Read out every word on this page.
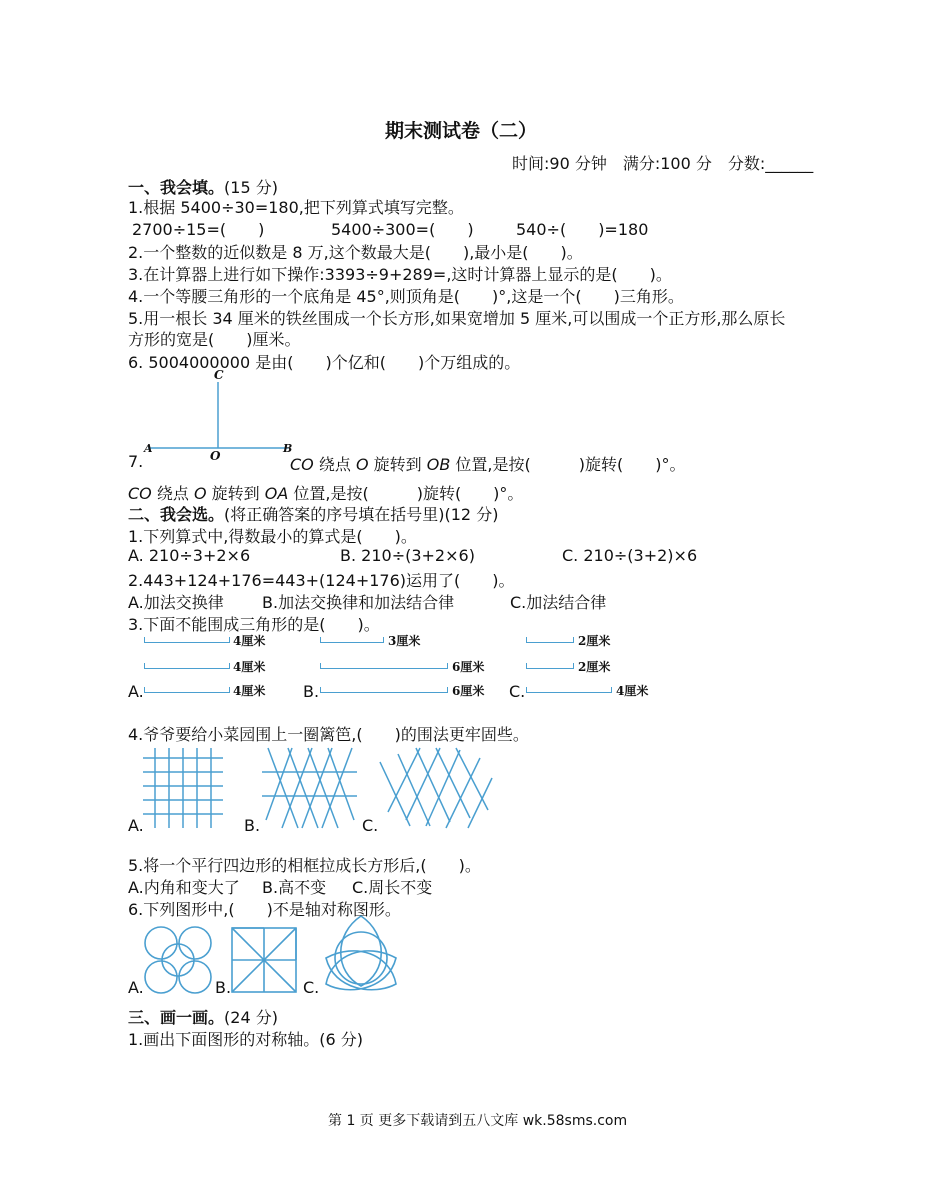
期末测试卷（二）
时间:90 分钟　满分:100 分　分数:______
一、我会填。(15 分)
1.根据 5400÷30=180,把下列算式填写完整。
2700÷15=(　　)	5400÷300=(　　)	540÷(　　)=180
2.一个整数的近似数是 8 万,这个数最大是(　　),最小是(　　)。
3.在计算器上进行如下操作:3393÷9+289=,这时计算器上显示的是(　　)。
4.一个等腰三角形的一个底角是 45°,则顶角是(　　)°,这是一个(　　)三角形。
5.用一根长 34 厘米的铁丝围成一个长方形,如果宽增加 5 厘米,可以围成一个正方形,那么原长
方形的宽是(　　)厘米。
6. 5004000000 是由(　　)个亿和(　　)个万组成的。
C
A
O
B
7.	CO 绕点 O 旋转到 OB 位置,是按(　　　)旋转(　　)°。
CO 绕点 O 旋转到 OA 位置,是按(　　　)旋转(　　)°。
二、我会选。(将正确答案的序号填在括号里)(12 分)
1.下列算式中,得数最小的算式是(　　)。
A. 210÷3+2×6	B. 210÷(3+2×6)	C. 210÷(3+2)×6
2.443+124+176=443+(124+176)运用了(　　)。
A.加法交换律 B.加法交换律和加法结合律	C.加法结合律
3.下面不能围成三角形的是(　　)。
4厘米
4厘米
A.	4厘米
3厘米
6厘米
B.	6厘米
2厘米
2厘米
C.	4厘米
4.爷爷要给小菜园围上一圈篱笆,(　　)的围法更牢固些。
A.	B.	C.
5.将一个平行四边形的相框拉成长方形后,(　　)。
A.内角和变大了 B.高不变 C.周长不变
6.下列图形中,(　　)不是轴对称图形。
A.	B.	C.
三、画一画。(24 分)
1.画出下面图形的对称轴。(6 分)
第 1 页 更多下载请到五八文库 wk.58sms.com
